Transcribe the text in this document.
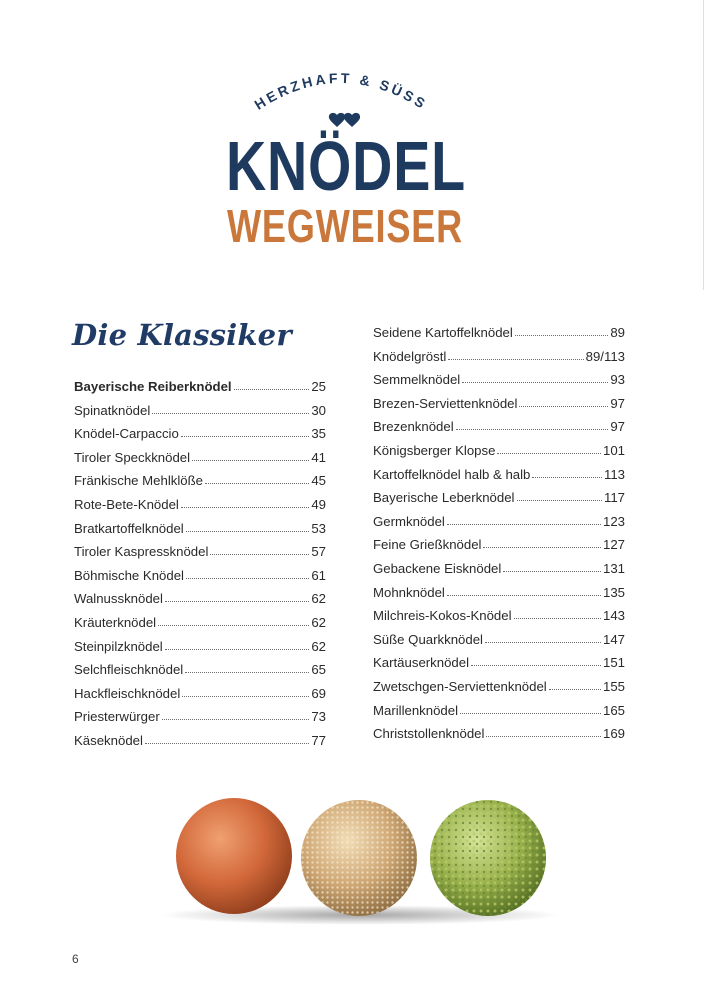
HERZHAFT & SÜSS
KNÖDEL
WEGWEISER
Die Klassiker
Bayerische Reiberknödel	25
Spinatknödel	30
Knödel-Carpaccio	35
Tiroler Speckknödel	41
Fränkische Mehlklöße	45
Rote-Bete-Knödel	49
Bratkartoffelknödel	53
Tiroler Kaspressknödel	57
Böhmische Knödel	61
Walnussknödel	62
Kräuterknödel	62
Steinpilzknödel	62
Selchfleischknödel	65
Hackfleischknödel	69
Priesterwürger	73
Käseknödel	77
Seidene Kartoffelknödel	89
Knödelgröstl	89/113
Semmelknödel	93
Brezen-Serviettenknödel	97
Brezenknödel	97
Königsberger Klopse	101
Kartoffelknödel halb & halb	113
Bayerische Leberknödel	117
Germknödel	123
Feine Grießknödel	127
Gebackene Eisknödel	131
Mohnknödel	135
Milchreis-Kokos-Knödel	143
Süße Quarkknödel	147
Kartäuserknödel	151
Zwetschgen-Serviettenknödel	155
Marillenknödel	165
Christstollenknödel	169
6
